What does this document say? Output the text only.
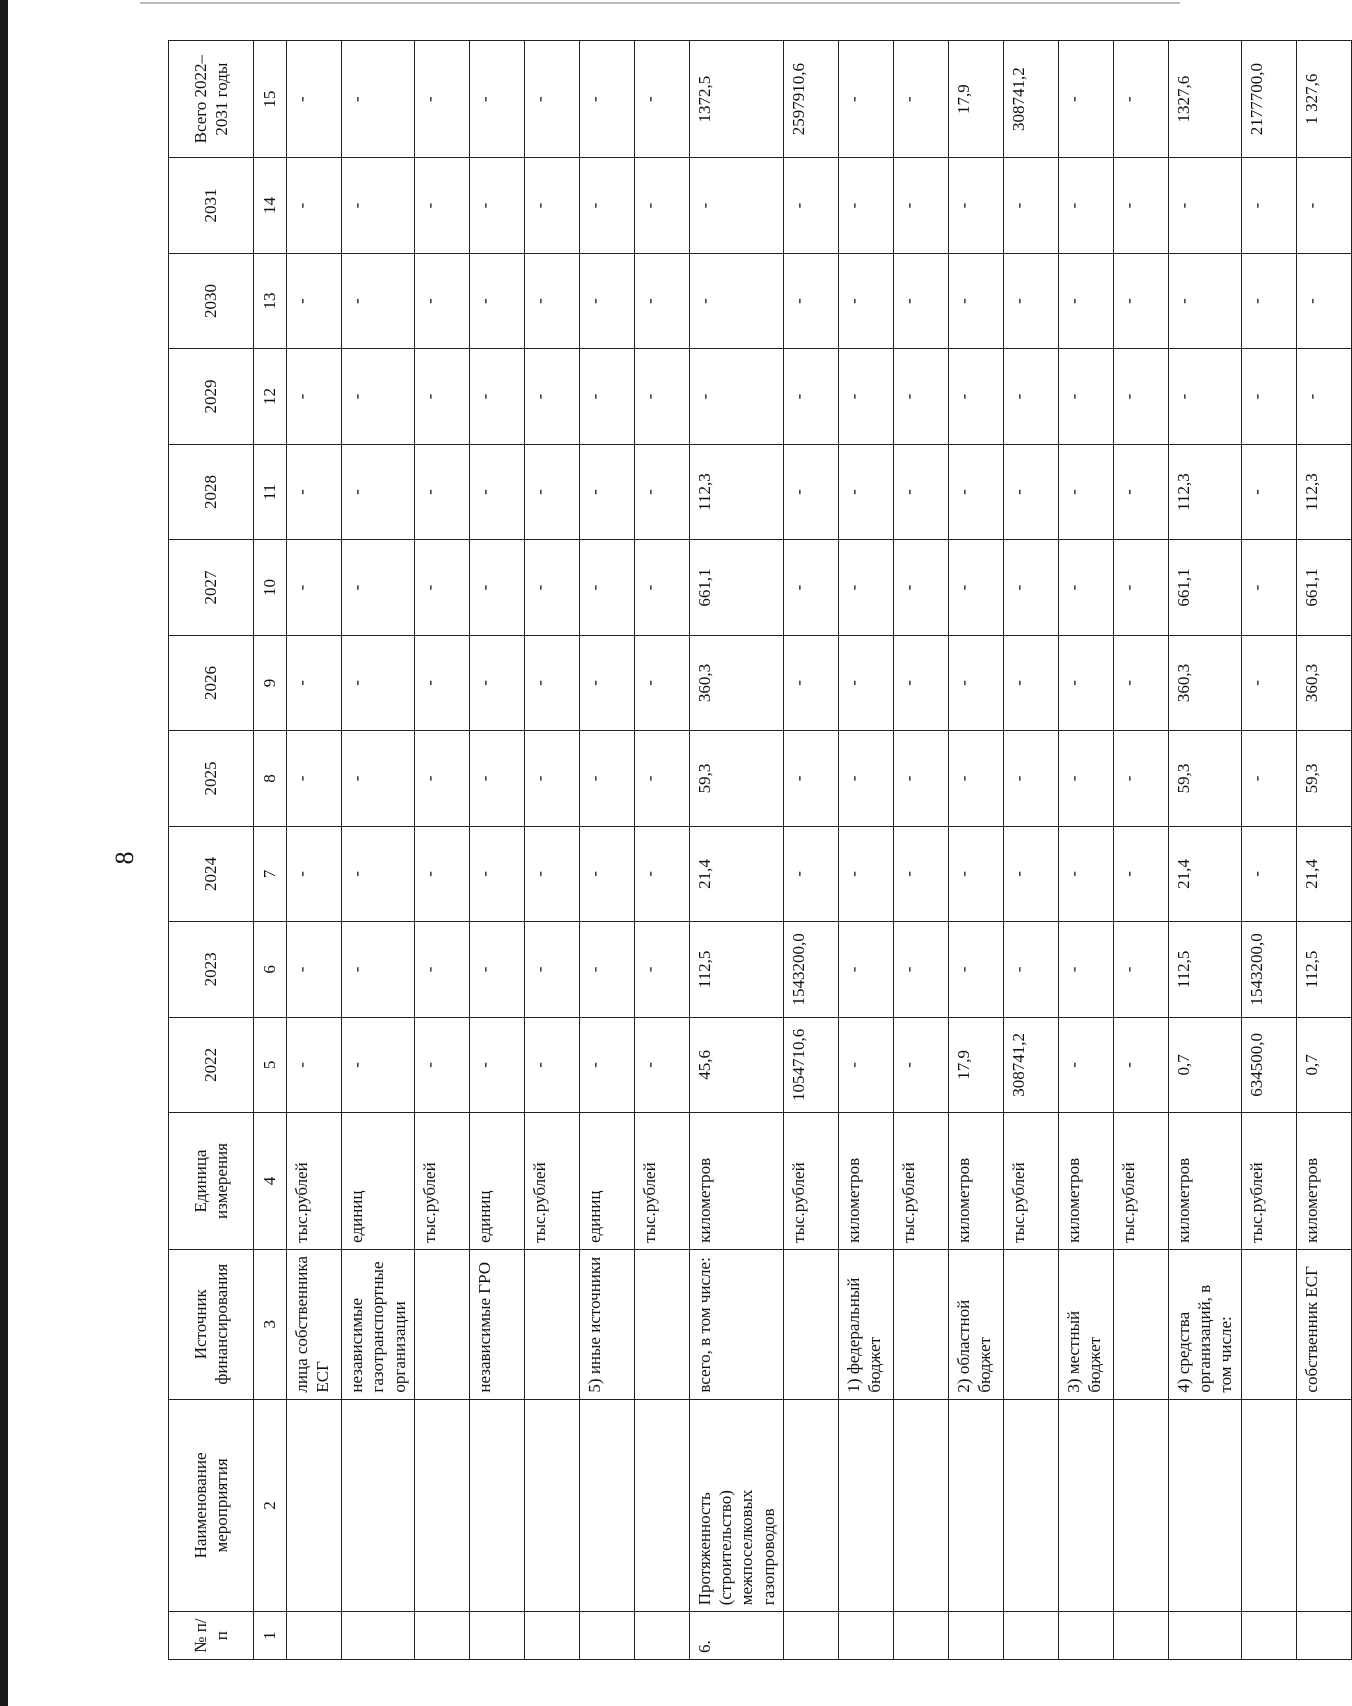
8
№ п/п	Наименование мероприятия	Источник финансирования	Единица измерения	2022	2023	2024	2025	2026	2027	2028	2029	2030	2031	Всего 2022–2031 годы
1	2	3	4	5	6	7	8	9	10	11	12	13	14	15
		лица собственника ЕСГ	тыс.рублей	-	-	-	-	-	-	-	-	-	-	-
		независимые газотранспортные организации	единиц	-	-	-	-	-	-	-	-	-	-	-
			тыс.рублей	-	-	-	-	-	-	-	-	-	-	-
		независимые ГРО	единиц	-	-	-	-	-	-	-	-	-	-	-
			тыс.рублей	-	-	-	-	-	-	-	-	-	-	-
		5) иные источники	единиц	-	-	-	-	-	-	-	-	-	-	-
			тыс.рублей	-	-	-	-	-	-	-	-	-	-	-
6.	Протяженность (строительство) межпоселковых газопроводов	всего, в том числе:	километров	45,6	112,5	21,4	59,3	360,3	661,1	112,3	-	-	-	1372,5
			тыс.рублей	1054710,6	1543200,0	-	-	-	-	-	-	-	-	2597910,6
		1) федеральный бюджет	километров	-	-	-	-	-	-	-	-	-	-	-
			тыс.рублей	-	-	-	-	-	-	-	-	-	-	-
		2) областной бюджет	километров	17,9	-	-	-	-	-	-	-	-	-	17,9
			тыс.рублей	308741,2	-	-	-	-	-	-	-	-	-	308741,2
		3) местный бюджет	километров	-	-	-	-	-	-	-	-	-	-	-
			тыс.рублей	-	-	-	-	-	-	-	-	-	-	-
		4) средства организаций, в том числе:	километров	0,7	112,5	21,4	59,3	360,3	661,1	112,3	-	-	-	1327,6
			тыс.рублей	634500,0	1543200,0	-	-	-	-	-	-	-	-	2177700,0
		собственник ЕСГ	километров	0,7	112,5	21,4	59,3	360,3	661,1	112,3	-	-	-	1 327,6
